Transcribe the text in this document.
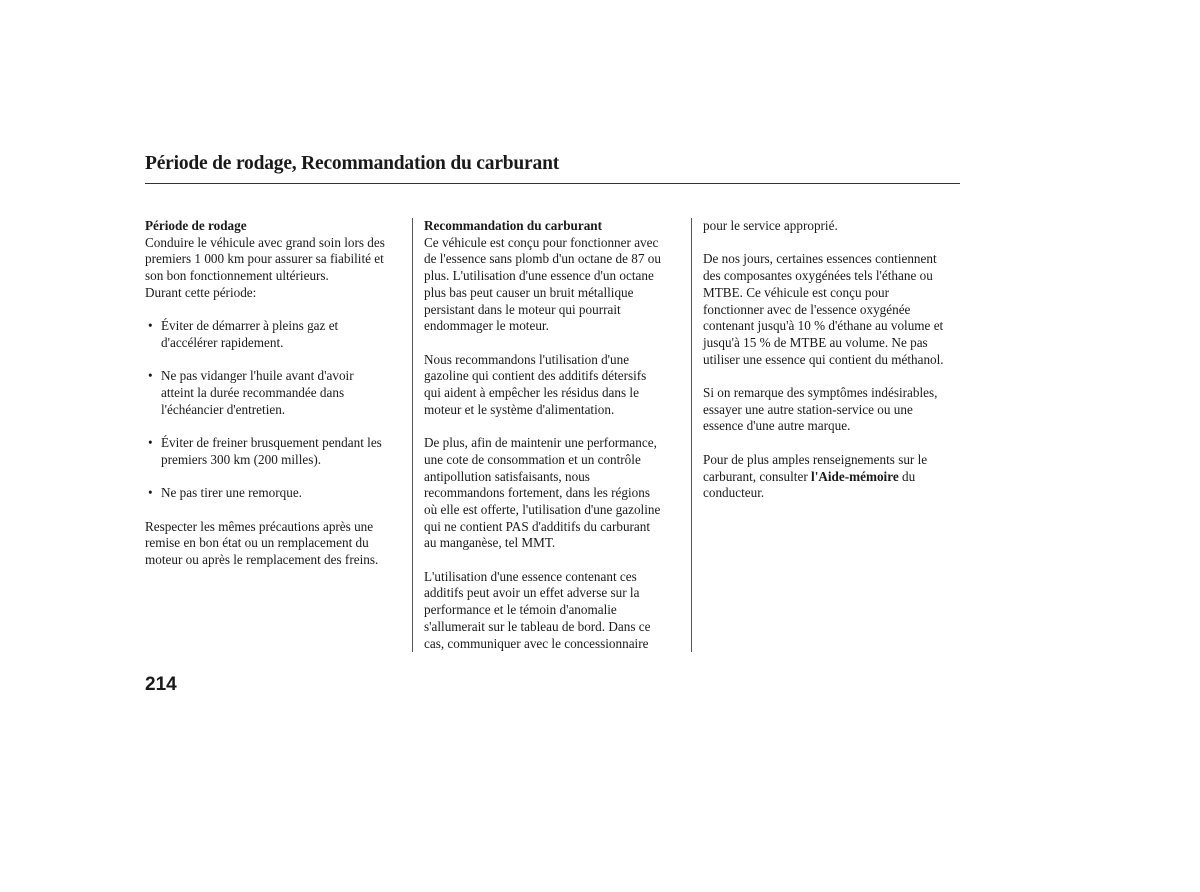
Période de rodage, Recommandation du carburant
Période de rodage
Conduire le véhicule avec grand soin lors des
premiers 1 000 km pour assurer sa fiabilité et
son bon fonctionnement ultérieurs.
Durant cette période:
• Éviter de démarrer à pleins gaz et
d'accélérer rapidement.
• Ne pas vidanger l'huile avant d'avoir
atteint la durée recommandée dans
l'échéancier d'entretien.
• Éviter de freiner brusquement pendant les
premiers 300 km (200 milles).
• Ne pas tirer une remorque.
Respecter les mêmes précautions après une
remise en bon état ou un remplacement du
moteur ou après le remplacement des freins.
Recommandation du carburant
Ce véhicule est conçu pour fonctionner avec
de l'essence sans plomb d'un octane de 87 ou
plus. L'utilisation d'une essence d'un octane
plus bas peut causer un bruit métallique
persistant dans le moteur qui pourrait
endommager le moteur.
Nous recommandons l'utilisation d'une
gazoline qui contient des additifs détersifs
qui aident à empêcher les résidus dans le
moteur et le système d'alimentation.
De plus, afin de maintenir une performance,
une cote de consommation et un contrôle
antipollution satisfaisants, nous
recommandons fortement, dans les régions
où elle est offerte, l'utilisation d'une gazoline
qui ne contient PAS d'additifs du carburant
au manganèse, tel MMT.
L'utilisation d'une essence contenant ces
additifs peut avoir un effet adverse sur la
performance et le témoin d'anomalie
s'allumerait sur le tableau de bord. Dans ce
cas, communiquer avec le concessionnaire
pour le service approprié.
De nos jours, certaines essences contiennent
des composantes oxygénées tels l'éthane ou
MTBE. Ce véhicule est conçu pour
fonctionner avec de l'essence oxygénée
contenant jusqu'à 10 % d'éthane au volume et
jusqu'à 15 % de MTBE au volume. Ne pas
utiliser une essence qui contient du méthanol.
Si on remarque des symptômes indésirables,
essayer une autre station-service ou une
essence d'une autre marque.
Pour de plus amples renseignements sur le
carburant, consulter l'Aide-mémoire du
conducteur.
214
